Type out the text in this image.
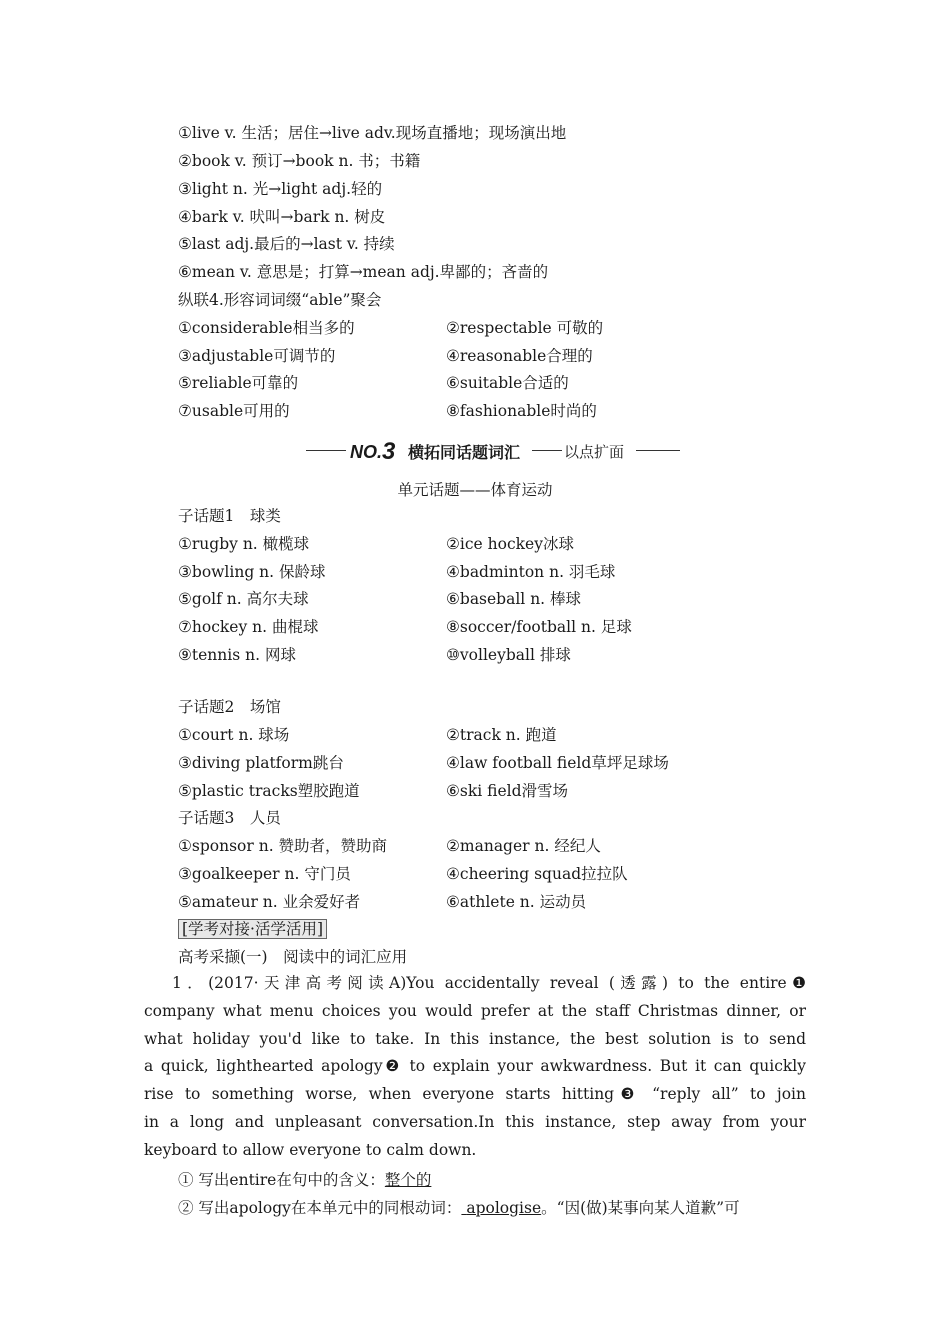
①live v. 生活；居住→live adv.现场直播地；现场演出地
②book v. 预订→book n. 书；书籍
③light n. 光→light adj.轻的
④bark v. 吠叫→bark n. 树皮
⑤last adj.最后的→last v. 持续
⑥mean v. 意思是；打算→mean adj.卑鄙的；吝啬的
纵联4.形容词词缀“able”聚会
①considerable相当多的	②respectable 可敬的
③adjustable可调节的	④reasonable合理的
⑤reliable可靠的	⑥suitable合适的
⑦usable可用的	⑧fashionable时尚的
NO.3 横拓同话题词汇	以点扩面
单元话题——体育运动
子话题1　球类
①rugby n. 橄榄球	②ice hockey冰球
③bowling n. 保龄球	④badminton n. 羽毛球
⑤golf n. 高尔夫球	⑥baseball n. 棒球
⑦hockey n. 曲棍球	⑧soccer/football n. 足球
⑨tennis n. 网球	⑩volleyball 排球
子话题2　场馆
①court n. 球场	②track n. 跑道
③diving platform跳台	④law football field草坪足球场
⑤plastic tracks塑胶跑道	⑥ski field滑雪场
子话题3　人员
①sponsor n. 赞助者，赞助商	②manager n. 经纪人
③goalkeeper n. 守门员	④cheering squad拉拉队
⑤amateur n. 业余爱好者	⑥athlete n. 运动员
[学考对接·活学活用]
高考采撷(一)　阅读中的词汇应用
1．(2017·天津高考阅读A)You accidentally reveal (透露) to the entire❶
company what menu choices you would prefer at the staff Christmas dinner, or
what holiday you'd like to take. In this instance, the best solution is to send
a quick, lighthearted apology❷ to explain your awkwardness. But it can quickly
rise to something worse, when everyone starts hitting❸ “reply all” to join
in a long and unpleasant conversation.In this instance, step away from your
keyboard to allow everyone to calm down.
① 写出entire在句中的含义：整个的
② 写出apology在本单元中的同根动词： apologise。“因(做)某事向某人道歉”可
